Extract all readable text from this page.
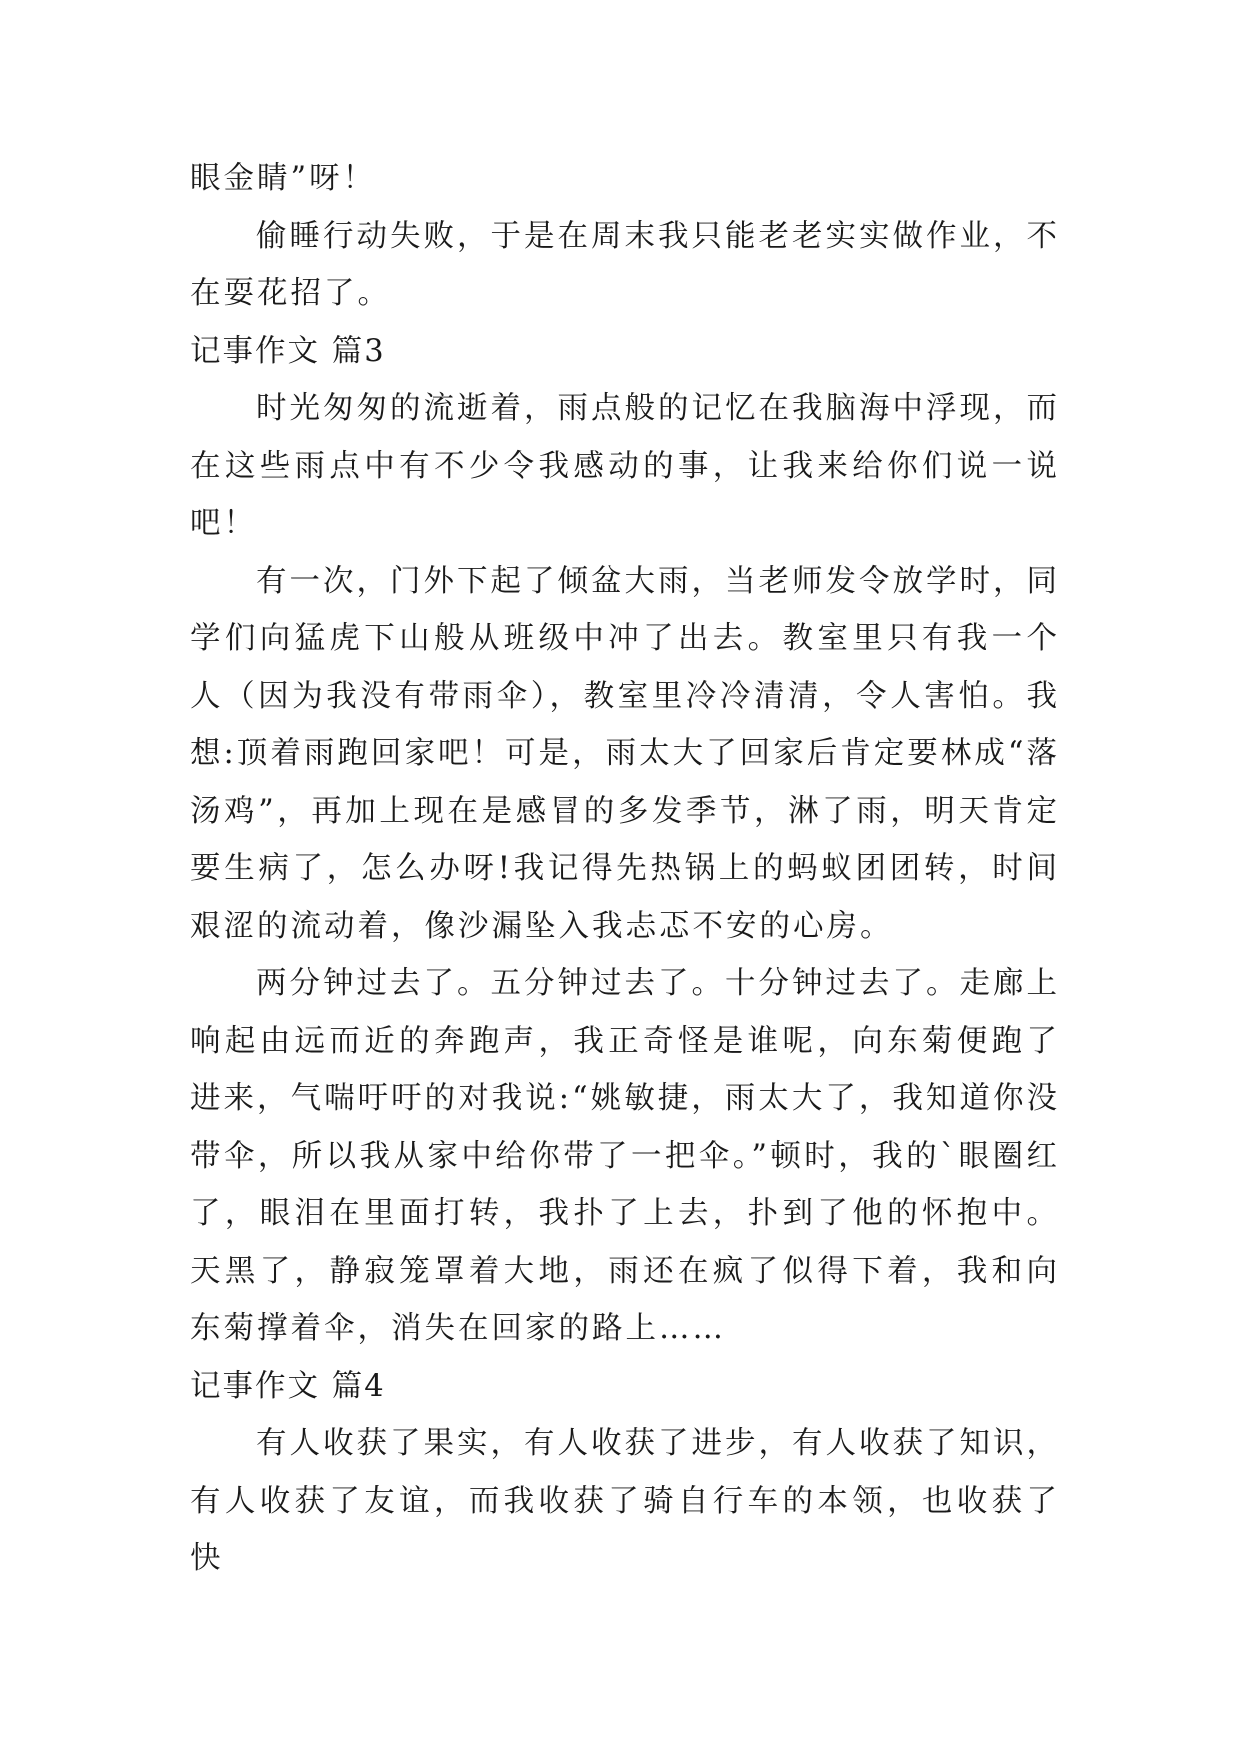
眼金睛”呀！

偷睡行动失败，于是在周末我只能老老实实做作业，不在耍花招了。

记事作文 篇3

时光匆匆的流逝着，雨点般的记忆在我脑海中浮现，而在这些雨点中有不少令我感动的事，让我来给你们说一说吧！

有一次，门外下起了倾盆大雨，当老师发令放学时，同学们向猛虎下山般从班级中冲了出去。教室里只有我一个人（因为我没有带雨伞），教室里冷冷清清，令人害怕。我想:顶着雨跑回家吧！可是，雨太大了回家后肯定要林成“落汤鸡”，再加上现在是感冒的多发季节，淋了雨，明天肯定要生病了，怎么办呀!我记得先热锅上的蚂蚁团团转，时间艰涩的流动着，像沙漏坠入我忐忑不安的心房。

两分钟过去了。五分钟过去了。十分钟过去了。走廊上响起由远而近的奔跑声，我正奇怪是谁呢，向东菊便跑了进来，气喘吁吁的对我说:“姚敏捷，雨太大了，我知道你没带伞，所以我从家中给你带了一把伞。”顿时，我的`眼圈红了，眼泪在里面打转，我扑了上去，扑到了他的怀抱中。天黑了，静寂笼罩着大地，雨还在疯了似得下着，我和向东菊撑着伞，消失在回家的路上……

记事作文 篇4

有人收获了果实，有人收获了进步，有人收获了知识，有人收获了友谊，而我收获了骑自行车的本领，也收获了快
